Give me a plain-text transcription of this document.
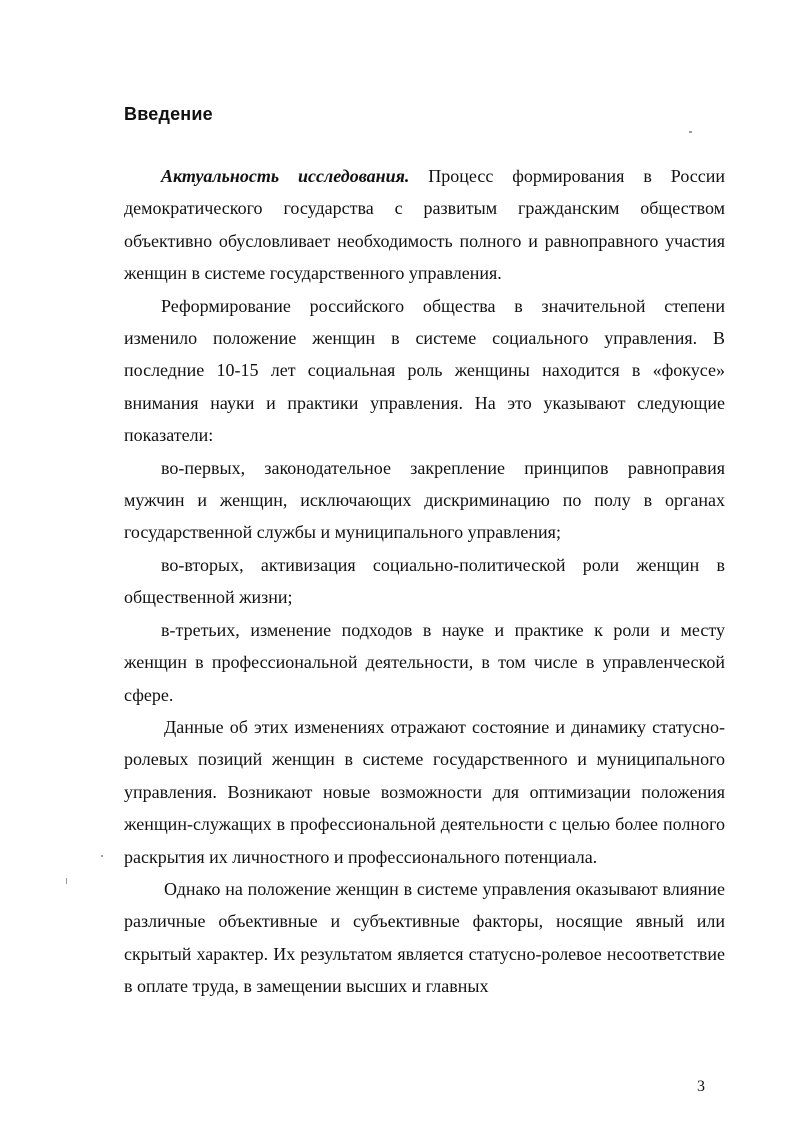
Введение

Актуальность исследования. Процесс формирования в России демократического государства с развитым гражданским обществом объективно обусловливает необходимость полного и равноправного участия женщин в системе государственного управления.

Реформирование российского общества в значительной степени изменило положение женщин в системе социального управления. В последние 10-15 лет социальная роль женщины находится в «фокусе» внимания науки и практики управления. На это указывают следующие показатели:

во-первых, законодательное закрепление принципов равноправия мужчин и женщин, исключающих дискриминацию по полу в органах государственной службы и муниципального управления;

во-вторых, активизация социально-политической роли женщин в общественной жизни;

в-третьих, изменение подходов в науке и практике к роли и месту женщин в профессиональной деятельности, в том числе в управленческой сфере.

Данные об этих изменениях отражают состояние и динамику статусно-ролевых позиций женщин в системе государственного и муниципального управления. Возникают новые возможности для оптимизации положения женщин-служащих в профессиональной деятельности с целью более полного раскрытия их личностного и профессионального потенциала.

Однако на положение женщин в системе управления оказывают влияние различные объективные и субъективные факторы, носящие явный или скрытый характер. Их результатом является статусно-ролевое несоответствие в оплате труда, в замещении высших и главных

3
